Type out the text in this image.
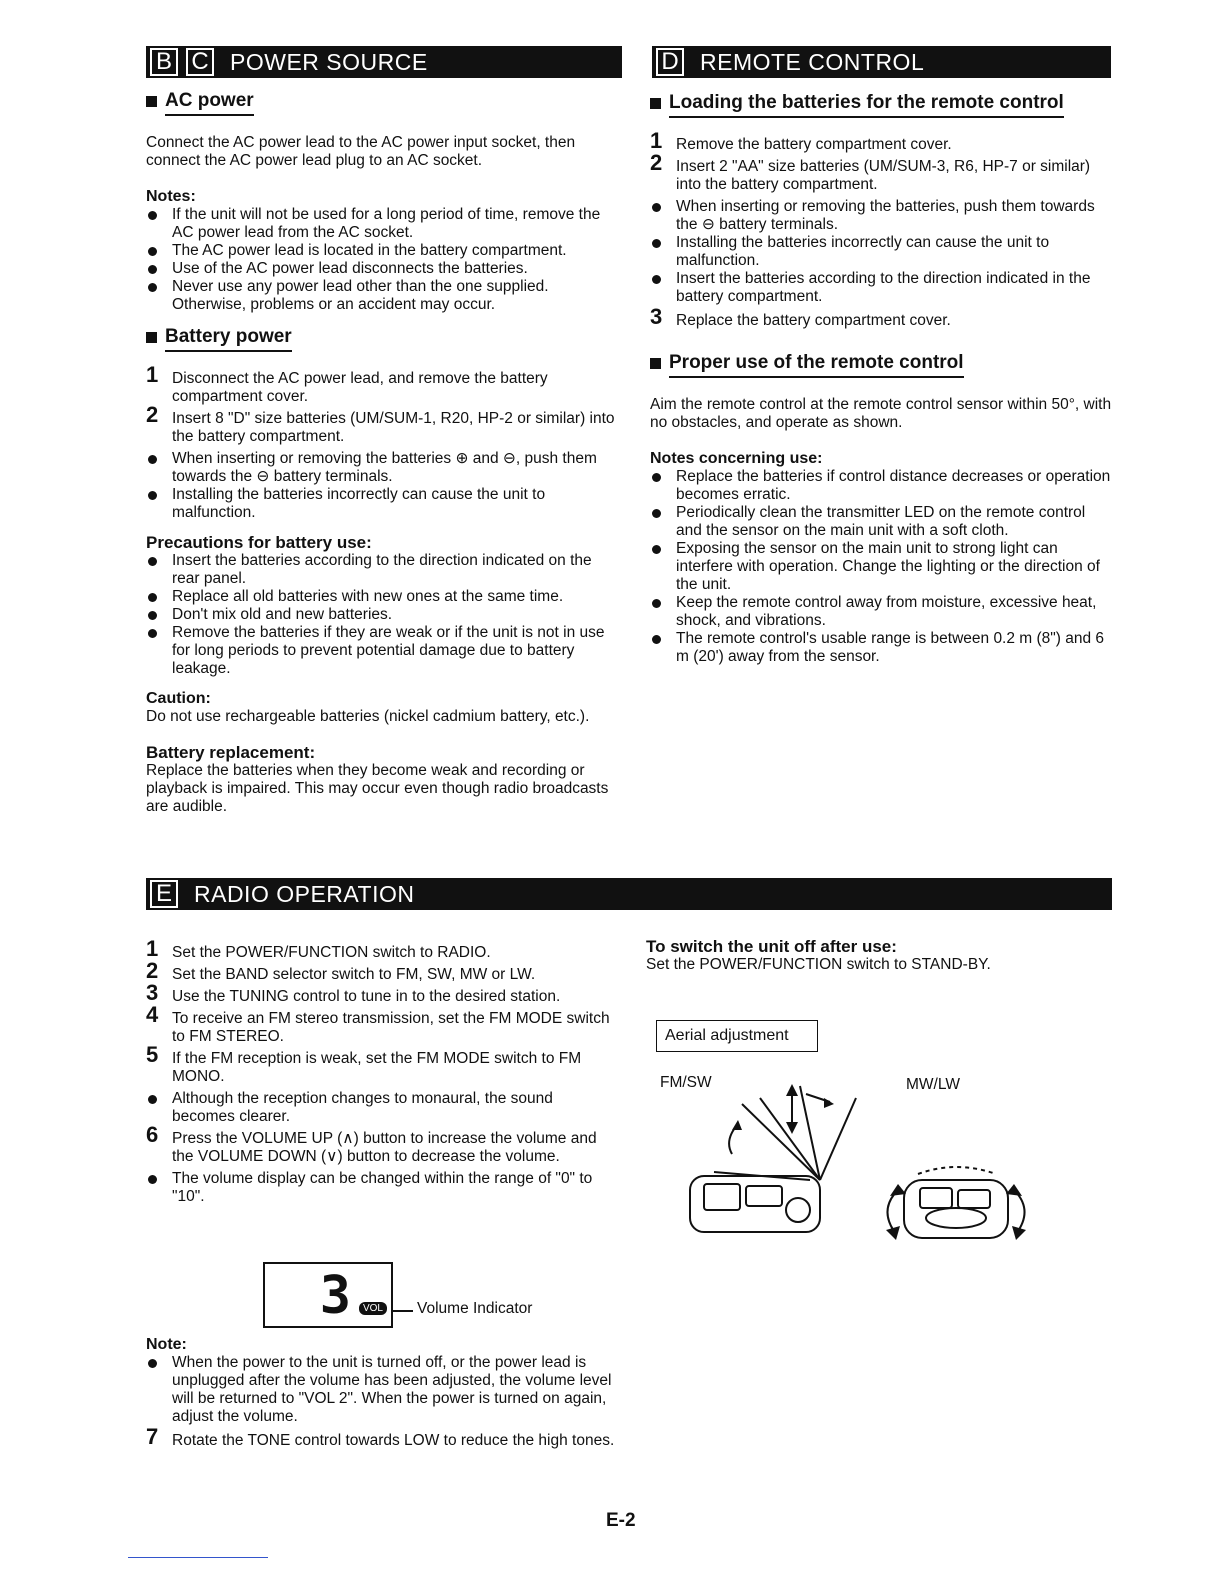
B C POWER SOURCE	D REMOTE CONTROL
AC power

Connect the AC power lead to the AC power input socket, then connect the AC power lead plug to an AC socket.

Notes:
If the unit will not be used for a long period of time, remove the AC power lead from the AC socket.
The AC power lead is located in the battery compartment.
Use of the AC power lead disconnects the batteries.
Never use any power lead other than the one supplied. Otherwise, problems or an accident may occur.
Battery power
1 Disconnect the AC power lead, and remove the battery compartment cover.
2 Insert 8 "D" size batteries (UM/SUM-1, R20, HP-2 or similar) into the battery compartment.
When inserting or removing the batteries ⊕ and ⊖, push them towards the ⊖ battery terminals.
Installing the batteries incorrectly can cause the unit to malfunction.
Precautions for battery use:
Insert the batteries according to the direction indicated on the rear panel.
Replace all old batteries with new ones at the same time.
Don't mix old and new batteries.
Remove the batteries if they are weak or if the unit is not in use for long periods to prevent potential damage due to battery leakage.
Caution:

Do not use rechargeable batteries (nickel cadmium battery, etc.).

Battery replacement:

Replace the batteries when they become weak and recording or playback is impaired. This may occur even though radio broadcasts are audible.

Loading the batteries for the remote control
1 Remove the battery compartment cover.
2 Insert 2 "AA" size batteries (UM/SUM-3, R6, HP-7 or similar) into the battery compartment.
When inserting or removing the batteries, push them towards the ⊖ battery terminals.
Installing the batteries incorrectly can cause the unit to malfunction.
Insert the batteries according to the direction indicated in the battery compartment.
3 Replace the battery compartment cover.
Proper use of the remote control

Aim the remote control at the remote control sensor within 50°, with no obstacles, and operate as shown.

Notes concerning use:
Replace the batteries if control distance decreases or operation becomes erratic.
Periodically clean the transmitter LED on the remote control and the sensor on the main unit with a soft cloth.
Exposing the sensor on the main unit to strong light can interfere with operation. Change the lighting or the direction of the unit.
Keep the remote control away from moisture, excessive heat, shock, and vibrations.
The remote control's usable range is between 0.2 m (8") and 6 m (20') away from the sensor.
E RADIO OPERATION
1 Set the POWER/FUNCTION switch to RADIO.
2 Set the BAND selector switch to FM, SW, MW or LW.
3 Use the TUNING control to tune in to the desired station.
4 To receive an FM stereo transmission, set the FM MODE switch to FM STEREO.
5 If the FM reception is weak, set the FM MODE switch to FM MONO.
Although the reception changes to monaural, the sound becomes clearer.
6 Press the VOLUME UP (∧) button to increase the volume and the VOLUME DOWN (∨) button to decrease the volume.
The volume display can be changed within the range of "0" to "10".
3	VOL Volume Indicator
Note:
When the power to the unit is turned off, or the power lead is unplugged after the volume has been adjusted, the volume level will be returned to "VOL 2". When the power is turned on again, adjust the volume.
7 Rotate the TONE control towards LOW to reduce the high tones.
To switch the unit off after use:

Set the POWER/FUNCTION switch to STAND-BY.

Aerial adjustment
FM/SW	MW/LW
E-2
